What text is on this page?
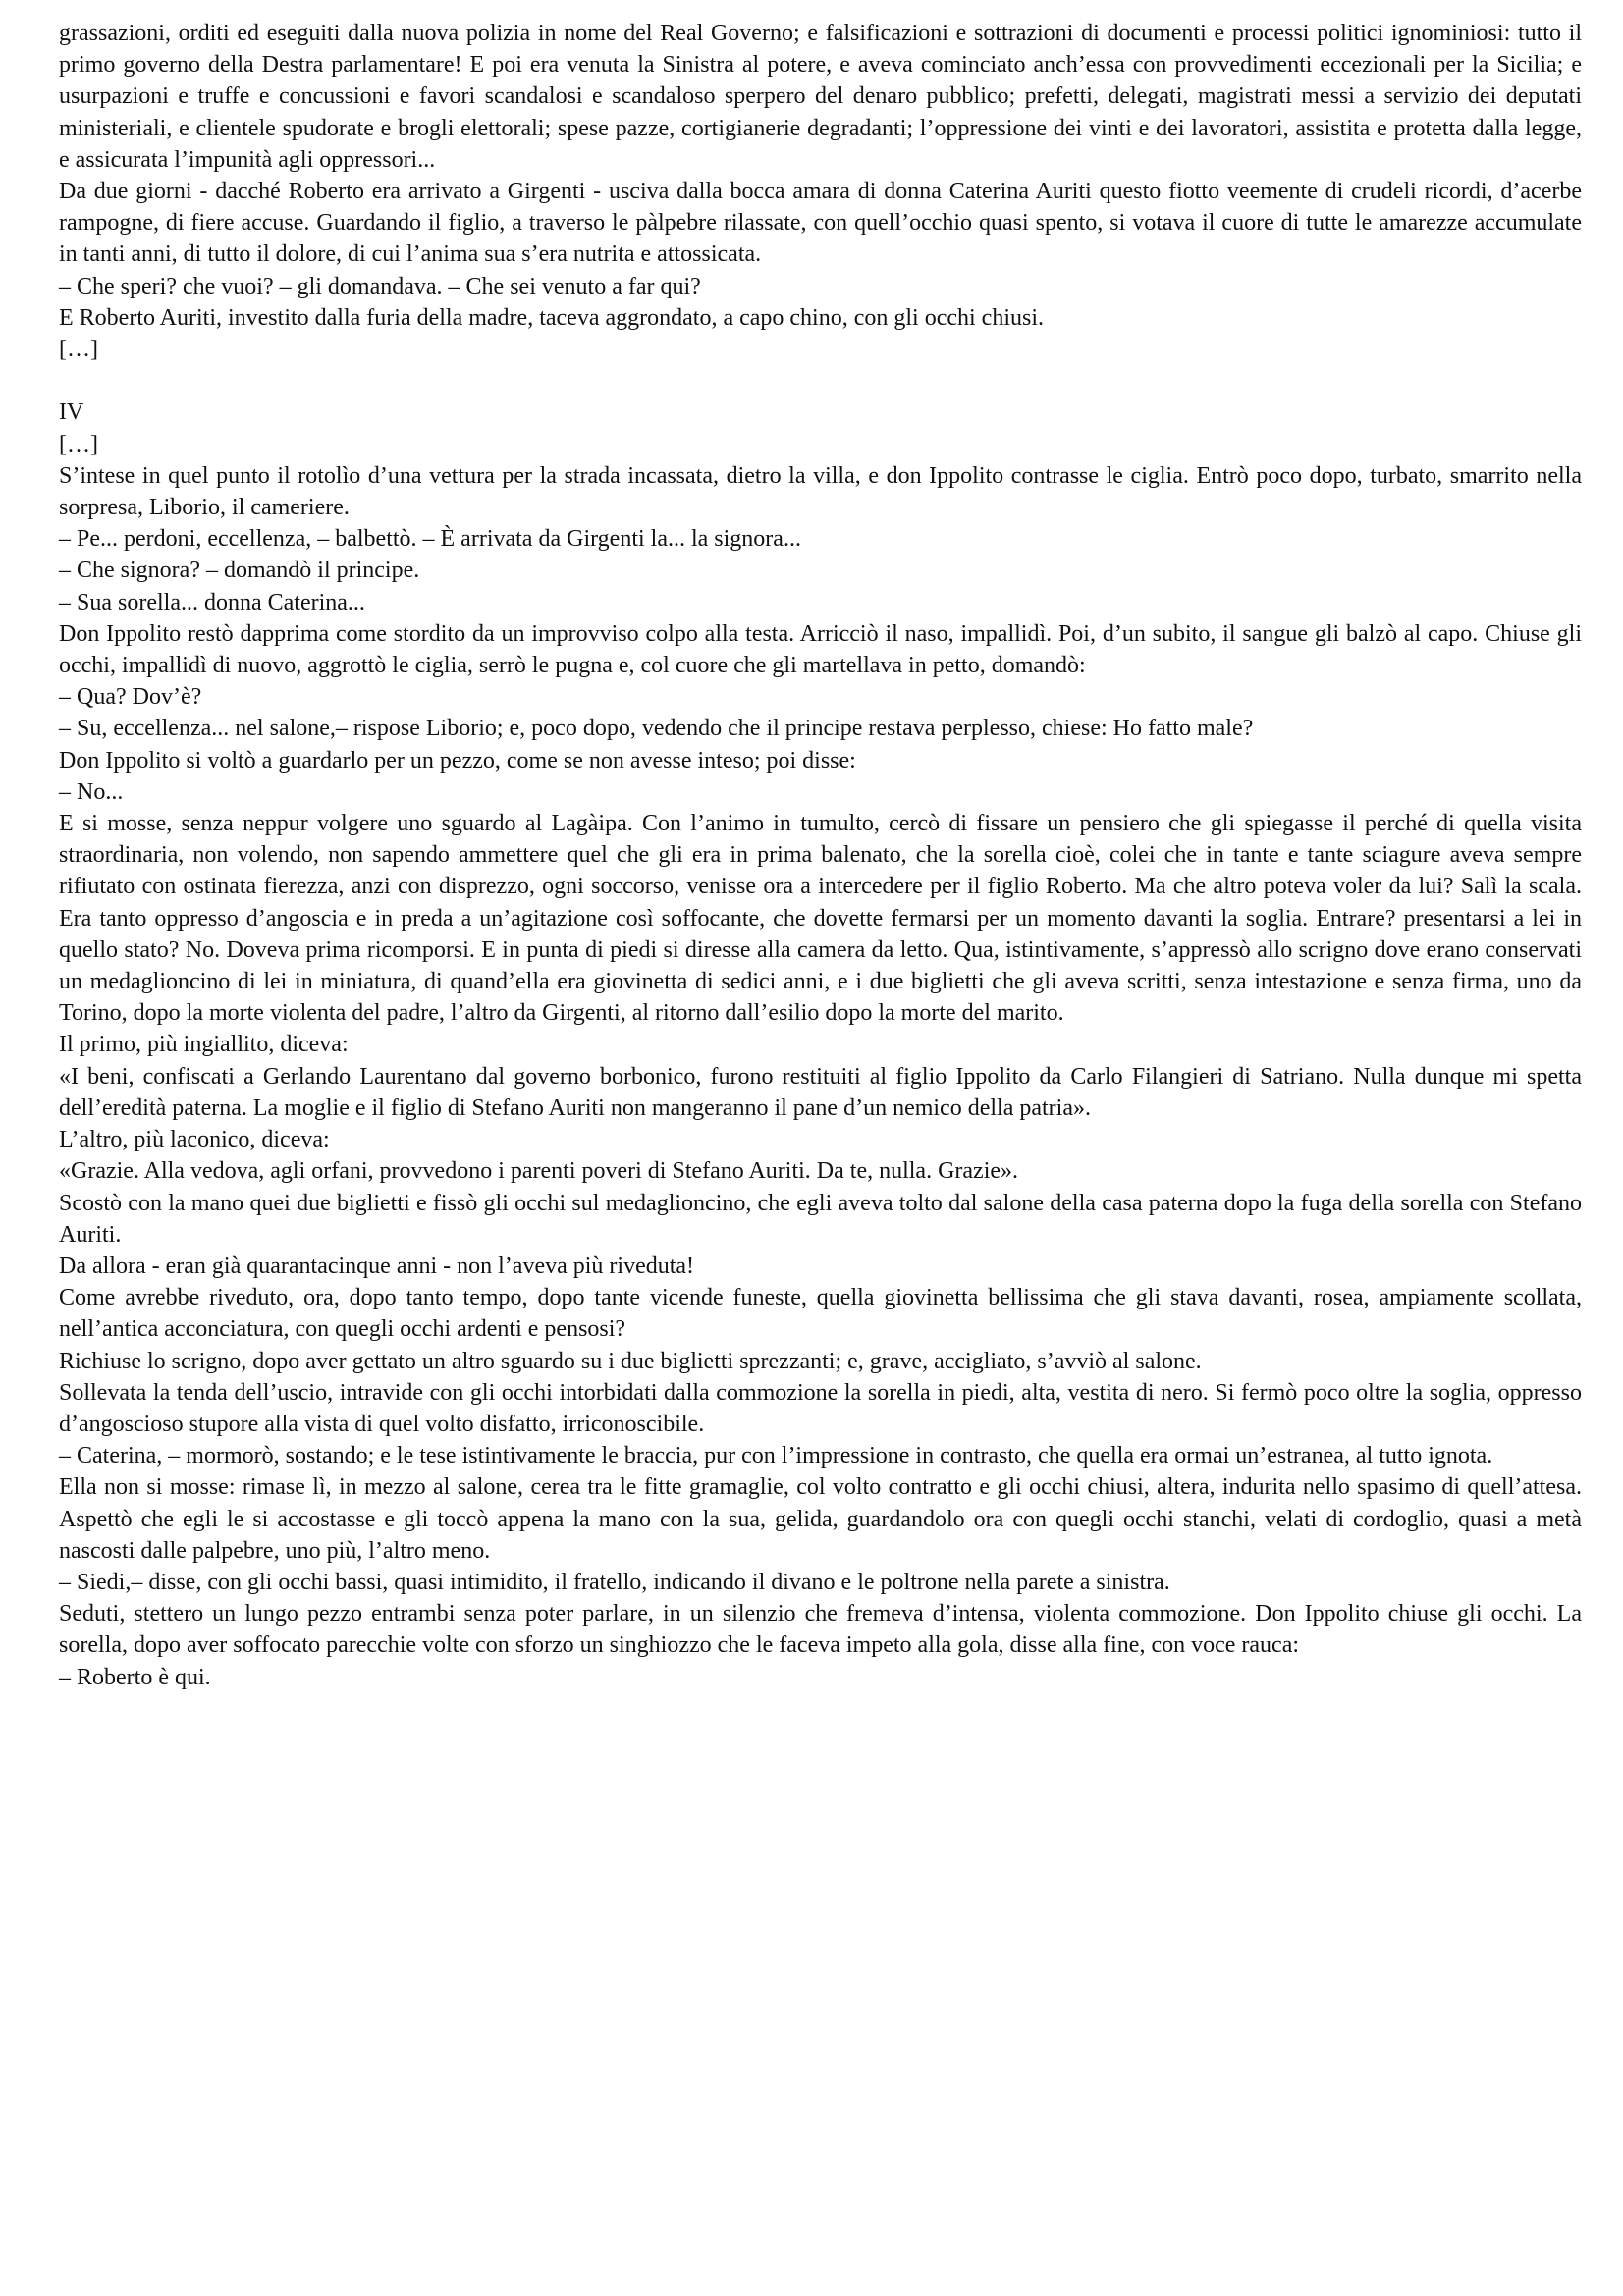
grassazioni, orditi ed eseguiti dalla nuova polizia in nome del Real Governo; e falsificazioni e sottrazioni di documenti e processi politici ignominiosi: tutto il primo governo della Destra parlamentare! E poi era venuta la Sinistra al potere, e aveva cominciato anch’essa con provvedimenti eccezionali per la Sicilia; e usurpazioni e truffe e concussioni e favori scandalosi e scandaloso sperpero del denaro pubblico; prefetti, delegati, magistrati messi a servizio dei deputati ministeriali, e clientele spudorate e brogli elettorali; spese pazze, cortigianerie degradanti; l’oppressione dei vinti e dei lavoratori, assistita e protetta dalla legge, e assicurata l’impunità agli oppressori...

Da due giorni - dacché Roberto era arrivato a Girgenti - usciva dalla bocca amara di donna Caterina Auriti questo fiotto veemente di crudeli ricordi, d’acerbe rampogne, di fiere accuse. Guardando il figlio, a traverso le pàlpebre rilassate, con quell’occhio quasi spento, si votava il cuore di tutte le amarezze accumulate in tanti anni, di tutto il dolore, di cui l’anima sua s’era nutrita e attossicata.

– Che speri? che vuoi? – gli domandava. – Che sei venuto a far qui?

E Roberto Auriti, investito dalla furia della madre, taceva aggrondato, a capo chino, con gli occhi chiusi.

[…]

IV

[…]

S’intese in quel punto il rotolìo d’una vettura per la strada incassata, dietro la villa, e don Ippolito contrasse le ciglia. Entrò poco dopo, turbato, smarrito nella sorpresa, Liborio, il cameriere.

– Pe... perdoni, eccellenza, – balbettò. – È arrivata da Girgenti la... la signora...

– Che signora? – domandò il principe.

– Sua sorella... donna Caterina...

Don Ippolito restò dapprima come stordito da un improvviso colpo alla testa. Arricciò il naso, impallidì. Poi, d’un subito, il sangue gli balzò al capo. Chiuse gli occhi, impallidì di nuovo, aggrottò le ciglia, serrò le pugna e, col cuore che gli martellava in petto, domandò:

– Qua? Dov’è?

– Su, eccellenza... nel salone,– rispose Liborio; e, poco dopo, vedendo che il principe restava perplesso, chiese: Ho fatto male?

Don Ippolito si voltò a guardarlo per un pezzo, come se non avesse inteso; poi disse:

– No...

E si mosse, senza neppur volgere uno sguardo al Lagàipa. Con l’animo in tumulto, cercò di fissare un pensiero che gli spiegasse il perché di quella visita straordinaria, non volendo, non sapendo ammettere quel che gli era in prima balenato, che la sorella cioè, colei che in tante e tante sciagure aveva sempre rifiutato con ostinata fierezza, anzi con disprezzo, ogni soccorso, venisse ora a intercedere per il figlio Roberto. Ma che altro poteva voler da lui? Salì la scala. Era tanto oppresso d’angoscia e in preda a un’agitazione così soffocante, che dovette fermarsi per un momento davanti la soglia. Entrare? presentarsi a lei in quello stato? No. Doveva prima ricomporsi. E in punta di piedi si diresse alla camera da letto. Qua, istintivamente, s’appressò allo scrigno dove erano conservati un medaglioncino di lei in miniatura, di quand’ella era giovinetta di sedici anni, e i due biglietti che gli aveva scritti, senza intestazione e senza firma, uno da Torino, dopo la morte violenta del padre, l’altro da Girgenti, al ritorno dall’esilio dopo la morte del marito.

Il primo, più ingiallito, diceva:

«I beni, confiscati a Gerlando Laurentano dal governo borbonico, furono restituiti al figlio Ippolito da Carlo Filangieri di Satriano. Nulla dunque mi spetta dell’eredità paterna. La moglie e il figlio di Stefano Auriti non mangeranno il pane d’un nemico della patria».

L’altro, più laconico, diceva:

«Grazie. Alla vedova, agli orfani, provvedono i parenti poveri di Stefano Auriti. Da te, nulla. Grazie».

Scostò con la mano quei due biglietti e fissò gli occhi sul medaglioncino, che egli aveva tolto dal salone della casa paterna dopo la fuga della sorella con Stefano Auriti.

Da allora - eran già quarantacinque anni - non l’aveva più riveduta!

Come avrebbe riveduto, ora, dopo tanto tempo, dopo tante vicende funeste, quella giovinetta bellissima che gli stava davanti, rosea, ampiamente scollata, nell’antica acconciatura, con quegli occhi ardenti e pensosi?

Richiuse lo scrigno, dopo aver gettato un altro sguardo su i due biglietti sprezzanti; e, grave, accigliato, s’avviò al salone.

Sollevata la tenda dell’uscio, intravide con gli occhi intorbidati dalla commozione la sorella in piedi, alta, vestita di nero. Si fermò poco oltre la soglia, oppresso d’angoscioso stupore alla vista di quel volto disfatto, irriconoscibile.

– Caterina, – mormorò, sostando; e le tese istintivamente le braccia, pur con l’impressione in contrasto, che quella era ormai un’estranea, al tutto ignota.

Ella non si mosse: rimase lì, in mezzo al salone, cerea tra le fitte gramaglie, col volto contratto e gli occhi chiusi, altera, indurita nello spasimo di quell’attesa. Aspettò che egli le si accostasse e gli toccò appena la mano con la sua, gelida, guardandolo ora con quegli occhi stanchi, velati di cordoglio, quasi a metà nascosti dalle palpebre, uno più, l’altro meno.

– Siedi,– disse, con gli occhi bassi, quasi intimidito, il fratello, indicando il divano e le poltrone nella parete a sinistra.

Seduti, stettero un lungo pezzo entrambi senza poter parlare, in un silenzio che fremeva d’intensa, violenta commozione. Don Ippolito chiuse gli occhi. La sorella, dopo aver soffocato parecchie volte con sforzo un singhiozzo che le faceva impeto alla gola, disse alla fine, con voce rauca:

– Roberto è qui.
